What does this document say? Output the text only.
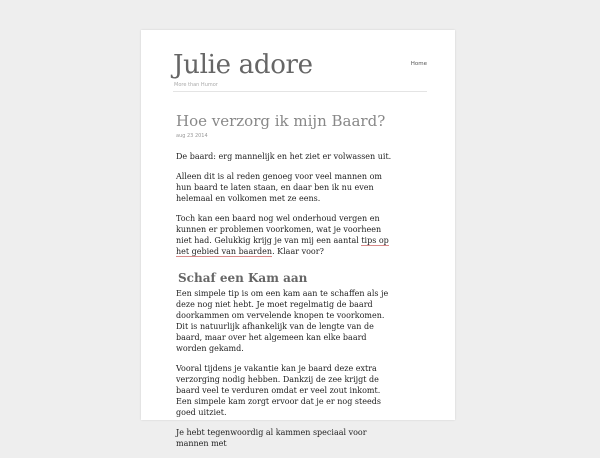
Julie adore
More than Humor
Home
Hoe verzorg ik mijn Baard?
aug 23 2014

De baard: erg mannelijk en het ziet er volwassen uit.

Alleen dit is al reden genoeg voor veel mannen om hun baard te laten staan, en daar ben ik nu even helemaal en volkomen met ze eens.

Toch kan een baard nog wel onderhoud vergen en kunnen er problemen voorkomen, wat je voorheen niet had. Gelukkig krijg je van mij een aantal tips op het gebied van baarden. Klaar voor?

Schaf een Kam aan

Een simpele tip is om een kam aan te schaffen als je deze nog niet hebt. Je moet regelmatig de baard doorkammen om vervelende knopen te voorkomen. Dit is natuurlijk afhankelijk van de lengte van de baard, maar over het algemeen kan elke baard worden gekamd.

Vooral tijdens je vakantie kan je baard deze extra verzorging nodig hebben. Dankzij de zee krijgt de baard veel te verduren omdat er veel zout inkomt. Een simpele kam zorgt ervoor dat je er nog steeds goed uitziet.

Je hebt tegenwoordig al kammen speciaal voor mannen met
